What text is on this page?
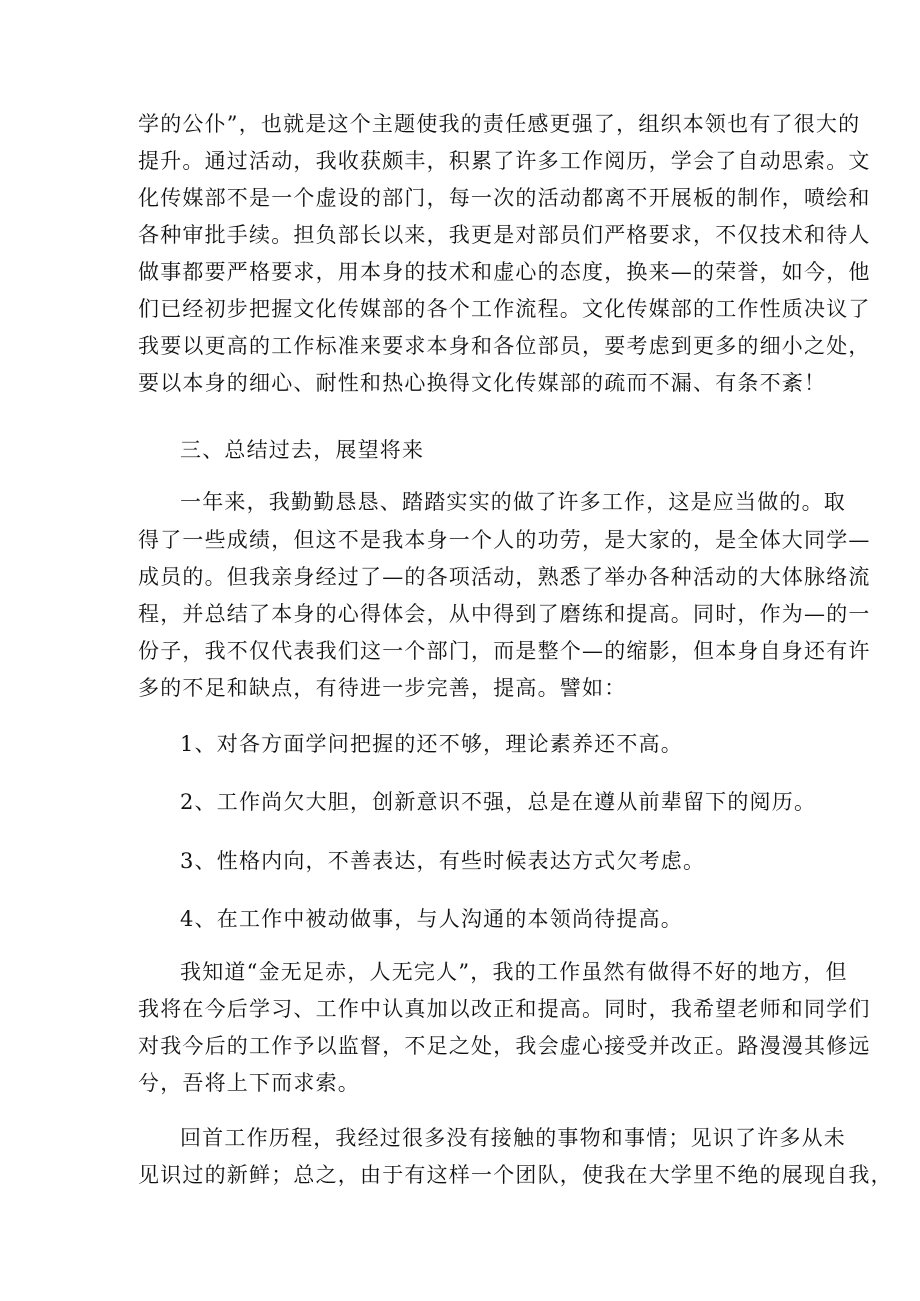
学的公仆”，也就是这个主题使我的责任感更强了，组织本领也有了很大的

提升。通过活动，我收获颇丰，积累了许多工作阅历，学会了自动思索。文

化传媒部不是一个虚设的部门，每一次的活动都离不开展板的制作，喷绘和

各种审批手续。担负部长以来，我更是对部员们严格要求，不仅技术和待人

做事都要严格要求，用本身的技术和虚心的态度，换来—的荣誉，如今，他

们已经初步把握文化传媒部的各个工作流程。文化传媒部的工作性质决议了

我要以更高的工作标准来要求本身和各位部员，要考虑到更多的细小之处，

要以本身的细心、耐性和热心换得文化传媒部的疏而不漏、有条不紊！

三、总结过去，展望将来

一年来，我勤勤恳恳、踏踏实实的做了许多工作，这是应当做的。取

得了一些成绩，但这不是我本身一个人的功劳，是大家的，是全体大同学—

成员的。但我亲身经过了—的各项活动，熟悉了举办各种活动的大体脉络流

程，并总结了本身的心得体会，从中得到了磨练和提高。同时，作为—的一

份子，我不仅代表我们这一个部门，而是整个—的缩影，但本身自身还有许

多的不足和缺点，有待进一步完善，提高。譬如：

1、对各方面学问把握的还不够，理论素养还不高。

2、工作尚欠大胆，创新意识不强，总是在遵从前辈留下的阅历。

3、性格内向，不善表达，有些时候表达方式欠考虑。

4、在工作中被动做事，与人沟通的本领尚待提高。

我知道“金无足赤，人无完人”，我的工作虽然有做得不好的地方，但

我将在今后学习、工作中认真加以改正和提高。同时，我希望老师和同学们

对我今后的工作予以监督，不足之处，我会虚心接受并改正。路漫漫其修远

兮，吾将上下而求索。

回首工作历程，我经过很多没有接触的事物和事情；见识了许多从未

见识过的新鲜；总之，由于有这样一个团队，使我在大学里不绝的展现自我，
